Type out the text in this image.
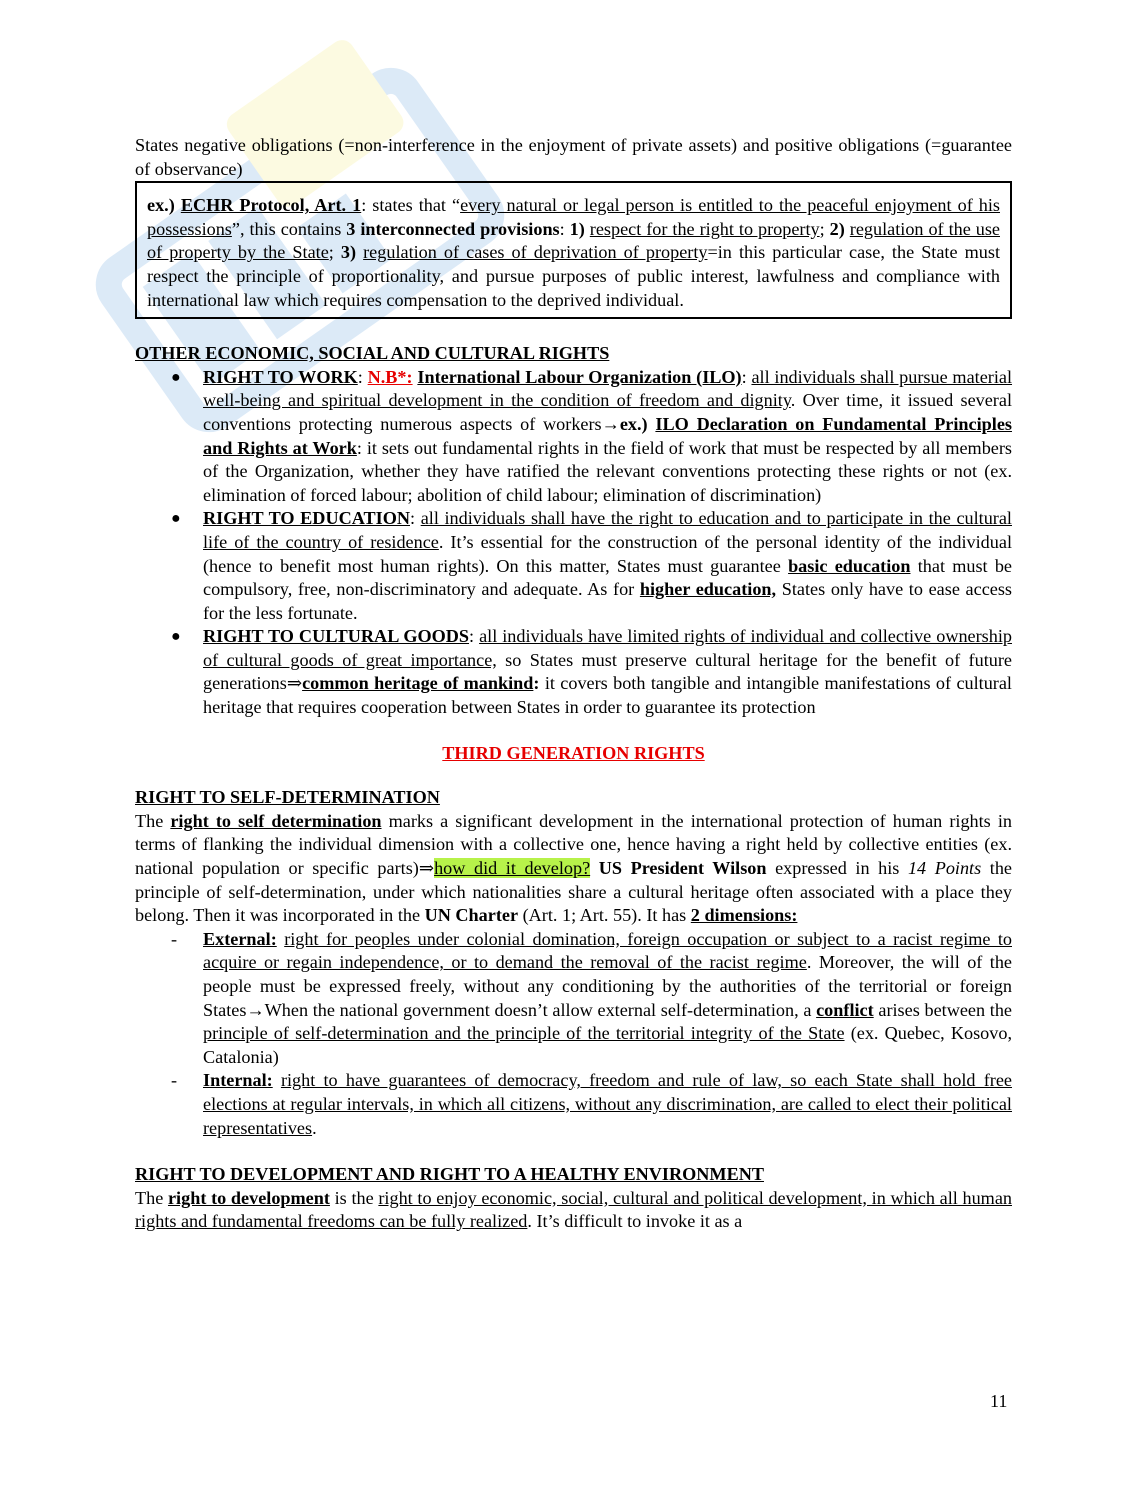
States negative obligations (=non-interference in the enjoyment of private assets) and positive obligations (=guarantee of observance)

ex.) ECHR Protocol, Art. 1: states that “every natural or legal person is entitled to the peaceful enjoyment of his possessions”, this contains 3 interconnected provisions: 1) respect for the right to property; 2) regulation of the use of property by the State; 3) regulation of cases of deprivation of property=in this particular case, the State must respect the principle of proportionality, and pursue purposes of public interest, lawfulness and compliance with international law which requires compensation to the deprived individual.

OTHER ECONOMIC, SOCIAL AND CULTURAL RIGHTS

● RIGHT TO WORK: N.B*: International Labour Organization (ILO): all individuals shall pursue material well-being and spiritual development in the condition of freedom and dignity. Over time, it issued several conventions protecting numerous aspects of workers→ex.) ILO Declaration on Fundamental Principles and Rights at Work: it sets out fundamental rights in the field of work that must be respected by all members of the Organization, whether they have ratified the relevant conventions protecting these rights or not (ex. elimination of forced labour; abolition of child labour; elimination of discrimination)
● RIGHT TO EDUCATION: all individuals shall have the right to education and to participate in the cultural life of the country of residence. It’s essential for the construction of the personal identity of the individual (hence to benefit most human rights). On this matter, States must guarantee basic education that must be compulsory, free, non-discriminatory and adequate. As for higher education, States only have to ease access for the less fortunate.
● RIGHT TO CULTURAL GOODS: all individuals have limited rights of individual and collective ownership of cultural goods of great importance, so States must preserve cultural heritage for the benefit of future generations⇒common heritage of mankind: it covers both tangible and intangible manifestations of cultural heritage that requires cooperation between States in order to guarantee its protection

THIRD GENERATION RIGHTS

RIGHT TO SELF-DETERMINATION

The right to self determination marks a significant development in the international protection of human rights in terms of flanking the individual dimension with a collective one, hence having a right held by collective entities (ex. national population or specific parts)⇒how did it develop? US President Wilson expressed in his 14 Points the principle of self-determination, under which nationalities share a cultural heritage often associated with a place they belong. Then it was incorporated in the UN Charter (Art. 1; Art. 55). It has 2 dimensions:

- External: right for peoples under colonial domination, foreign occupation or subject to a racist regime to acquire or regain independence, or to demand the removal of the racist regime. Moreover, the will of the people must be expressed freely, without any conditioning by the authorities of the territorial or foreign States→When the national government doesn’t allow external self-determination, a conflict arises between the principle of self-determination and the principle of the territorial integrity of the State (ex. Quebec, Kosovo, Catalonia)
- Internal: right to have guarantees of democracy, freedom and rule of law, so each State shall hold free elections at regular intervals, in which all citizens, without any discrimination, are called to elect their political representatives.

RIGHT TO DEVELOPMENT AND RIGHT TO A HEALTHY ENVIRONMENT

The right to development is the right to enjoy economic, social, cultural and political development, in which all human rights and fundamental freedoms can be fully realized. It’s difficult to invoke it as a

11
